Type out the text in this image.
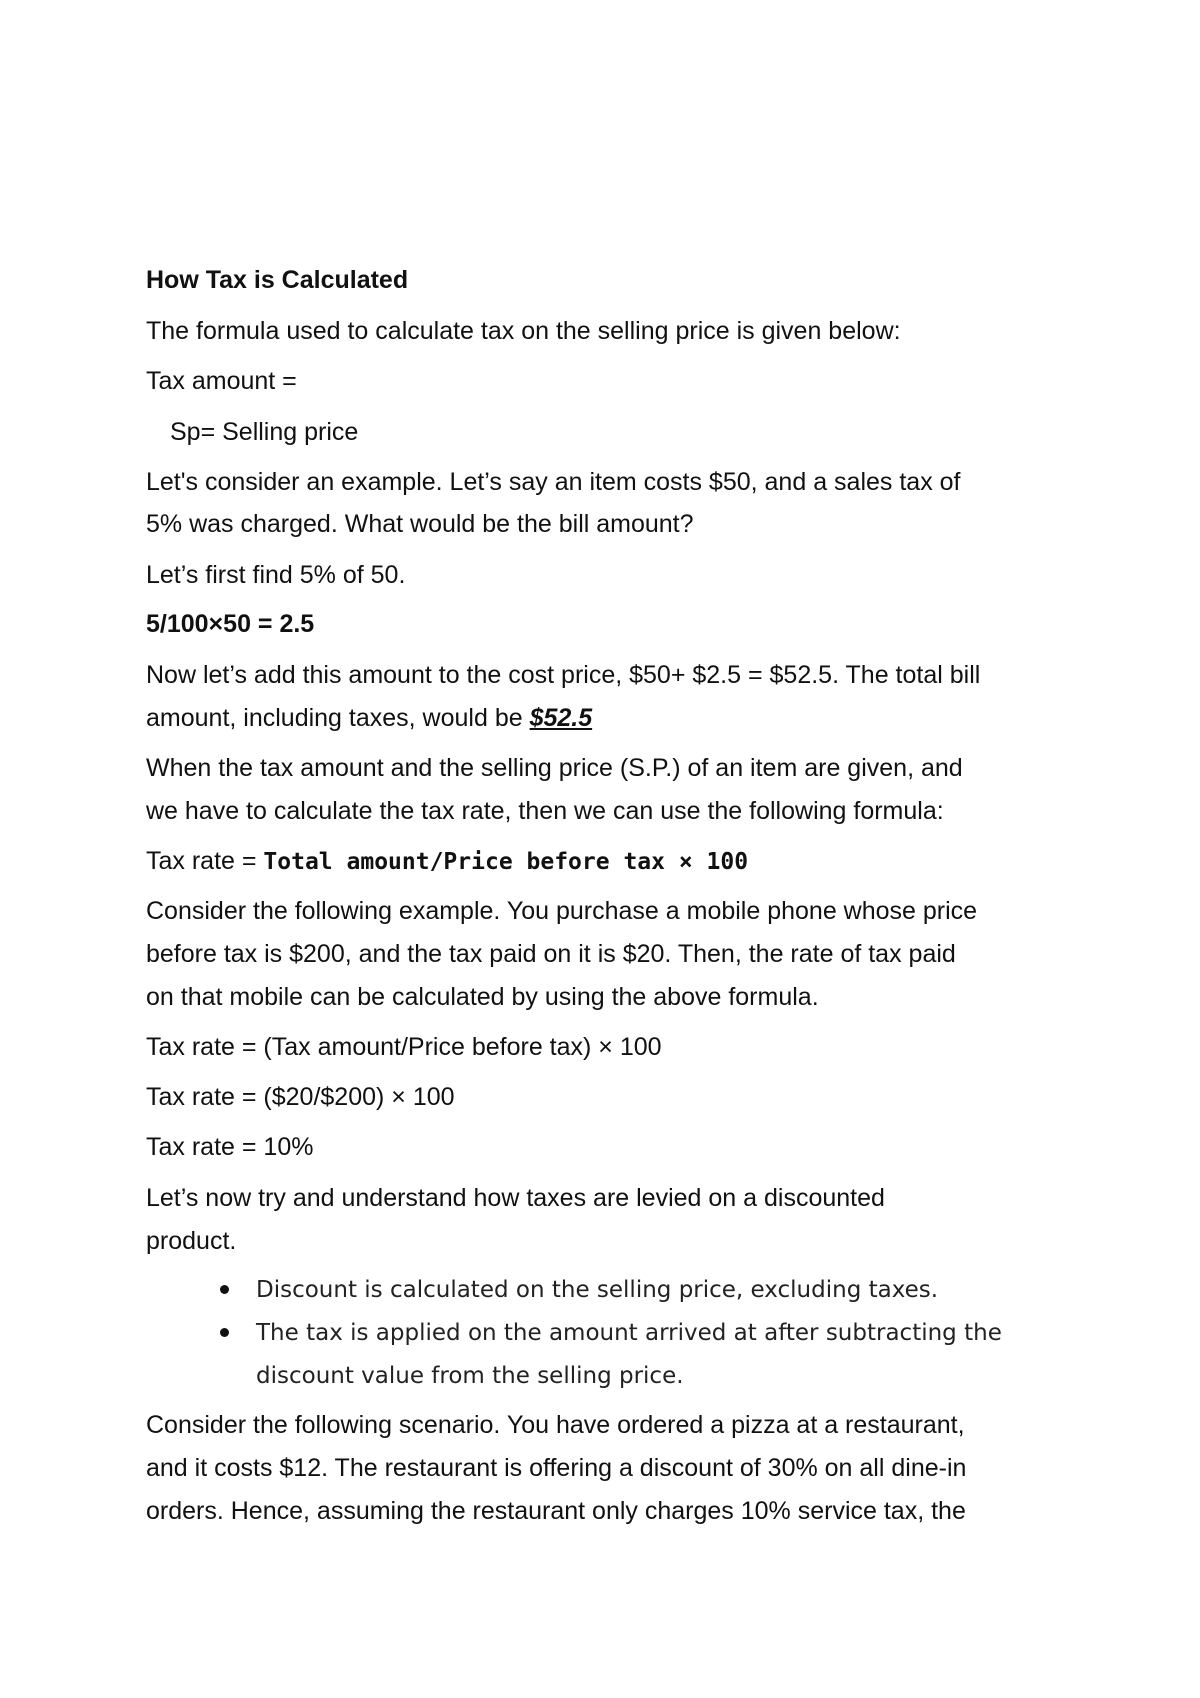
How Tax is Calculated
The formula used to calculate tax on the selling price is given below:
Tax amount =
Sp= Selling price
Let's consider an example. Let’s say an item costs $50, and a sales tax of
5% was charged. What would be the bill amount?
Let’s first find 5% of 50.
5/100×50 = 2.5
Now let’s add this amount to the cost price, $50+ $2.5 = $52.5. The total bill
amount, including taxes, would be $52.5
When the tax amount and the selling price (S.P.) of an item are given, and
we have to calculate the tax rate, then we can use the following formula:
Tax rate = Total amount/Price before tax × 100
Consider the following example. You purchase a mobile phone whose price
before tax is $200, and the tax paid on it is $20. Then, the rate of tax paid
on that mobile can be calculated by using the above formula.
Tax rate = (Tax amount/Price before tax) × 100
Tax rate = ($20/$200) × 100
Tax rate = 10%
Let’s now try and understand how taxes are levied on a discounted
product.
Discount is calculated on the selling price, excluding taxes.
The tax is applied on the amount arrived at after subtracting the
discount value from the selling price.
Consider the following scenario. You have ordered a pizza at a restaurant,
and it costs $12. The restaurant is offering a discount of 30% on all dine-in
orders. Hence, assuming the restaurant only charges 10% service tax, the
